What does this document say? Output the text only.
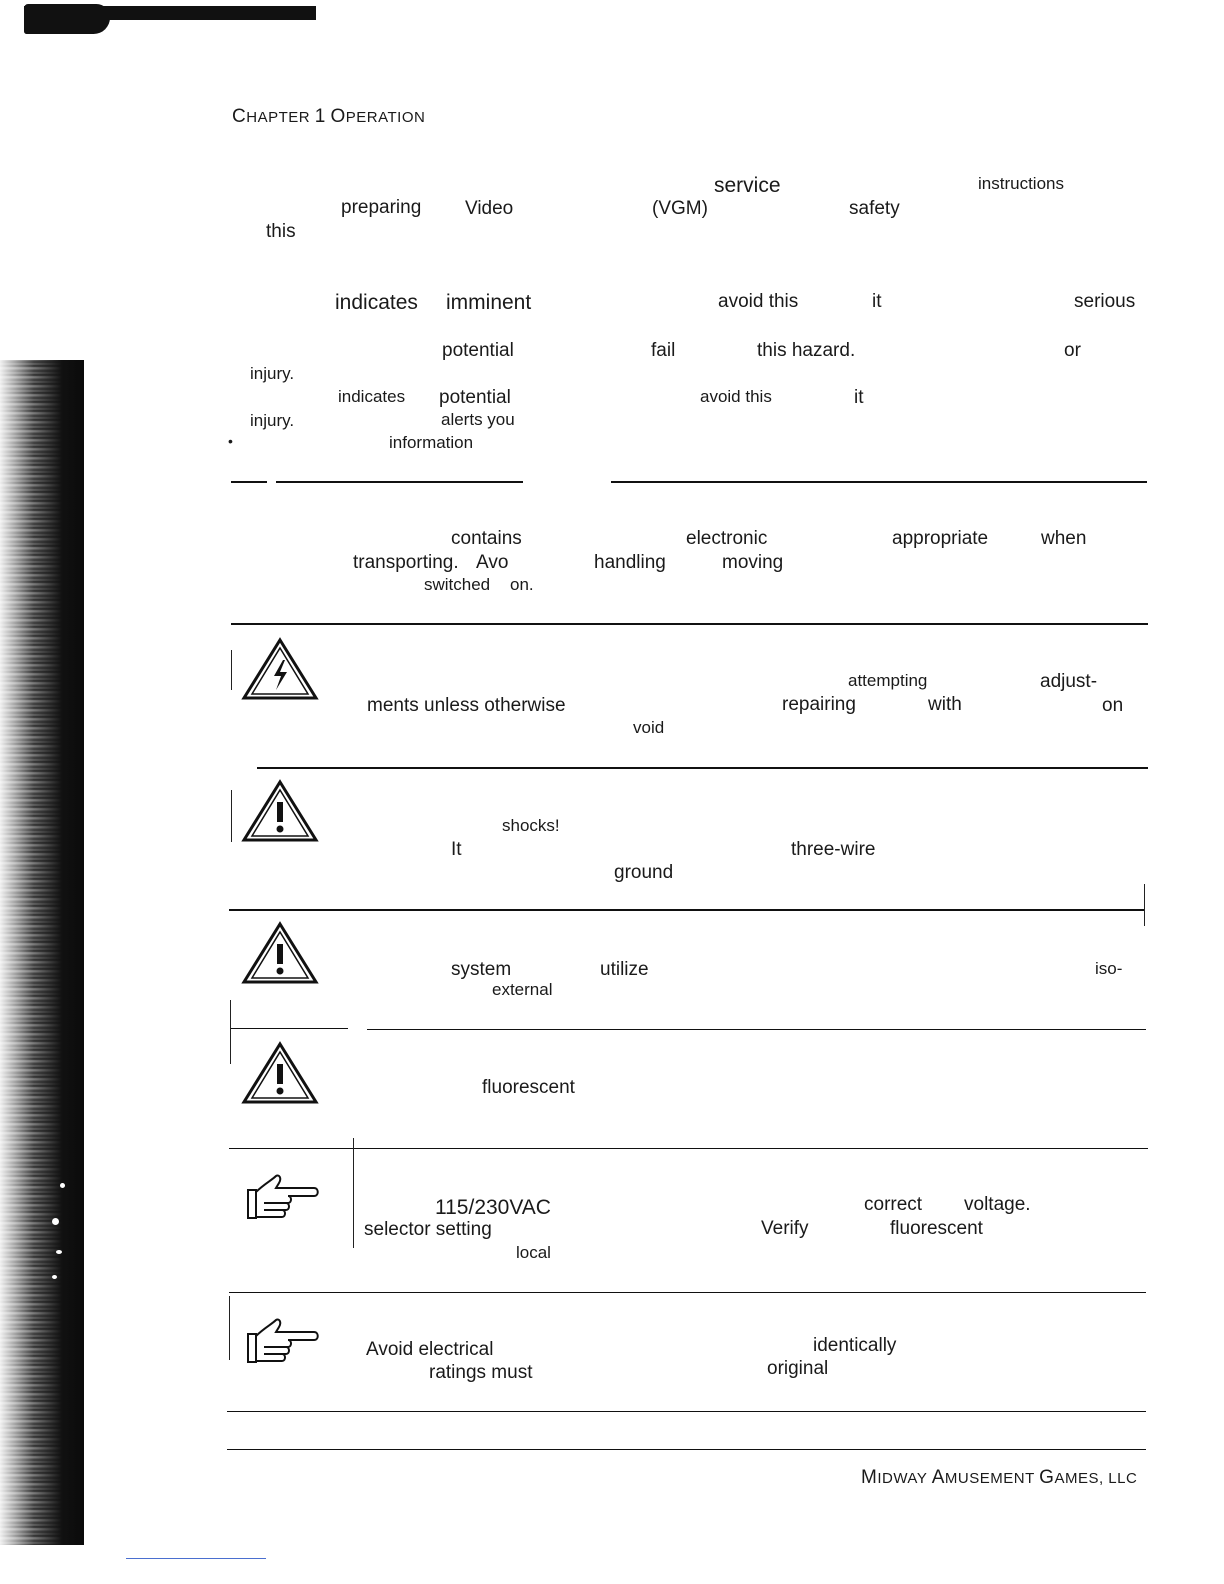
CHAPTER 1 OPERATION
service	instructions
preparing Video	(VGM)	safety
this
indicates imminent	avoid this	it	serious
potential	fail	this hazard.	or
injury.
indicates potential	avoid this	it
injury.	alerts you
•	information
contains	electronic	appropriate	when
transporting. Avo	handling	moving
switched on.
attempting	adjust-
ments unless otherwise	repairing	with	on
void
shocks!
It	three-wire
ground
system	utilize	iso-
external
fluorescent
115/230VAC	correct voltage.
selector setting	Verify	fluorescent
local
Avoid electrical	identically
ratings must	original
MIDWAY AMUSEMENT GAMES, LLC
